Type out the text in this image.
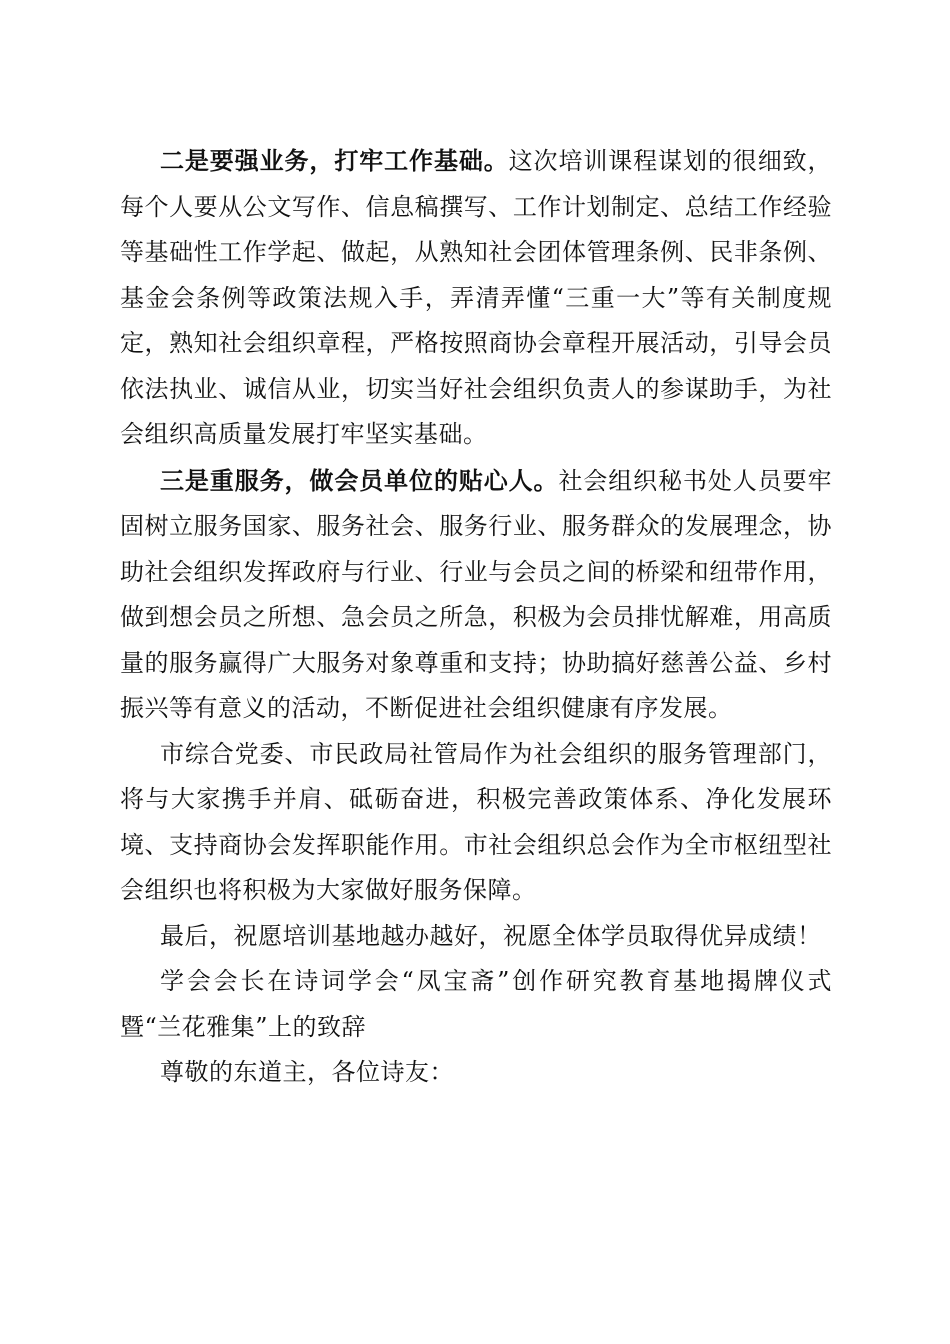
二是要强业务，打牢工作基础。这次培训课程谋划的很细致，每个人要从公文写作、信息稿撰写、工作计划制定、总结工作经验等基础性工作学起、做起，从熟知社会团体管理条例、民非条例、基金会条例等政策法规入手，弄清弄懂“三重一大”等有关制度规定，熟知社会组织章程，严格按照商协会章程开展活动，引导会员依法执业、诚信从业，切实当好社会组织负责人的参谋助手，为社会组织高质量发展打牢坚实基础。

三是重服务，做会员单位的贴心人。社会组织秘书处人员要牢固树立服务国家、服务社会、服务行业、服务群众的发展理念，协助社会组织发挥政府与行业、行业与会员之间的桥梁和纽带作用，做到想会员之所想、急会员之所急，积极为会员排忧解难，用高质量的服务赢得广大服务对象尊重和支持；协助搞好慈善公益、乡村振兴等有意义的活动，不断促进社会组织健康有序发展。

市综合党委、市民政局社管局作为社会组织的服务管理部门，将与大家携手并肩、砥砺奋进，积极完善政策体系、净化发展环境、支持商协会发挥职能作用。市社会组织总会作为全市枢纽型社会组织也将积极为大家做好服务保障。

最后，祝愿培训基地越办越好，祝愿全体学员取得优异成绩！

学会会长在诗词学会“凤宝斋”创作研究教育基地揭牌仪式暨“兰花雅集”上的致辞

尊敬的东道主，各位诗友：
